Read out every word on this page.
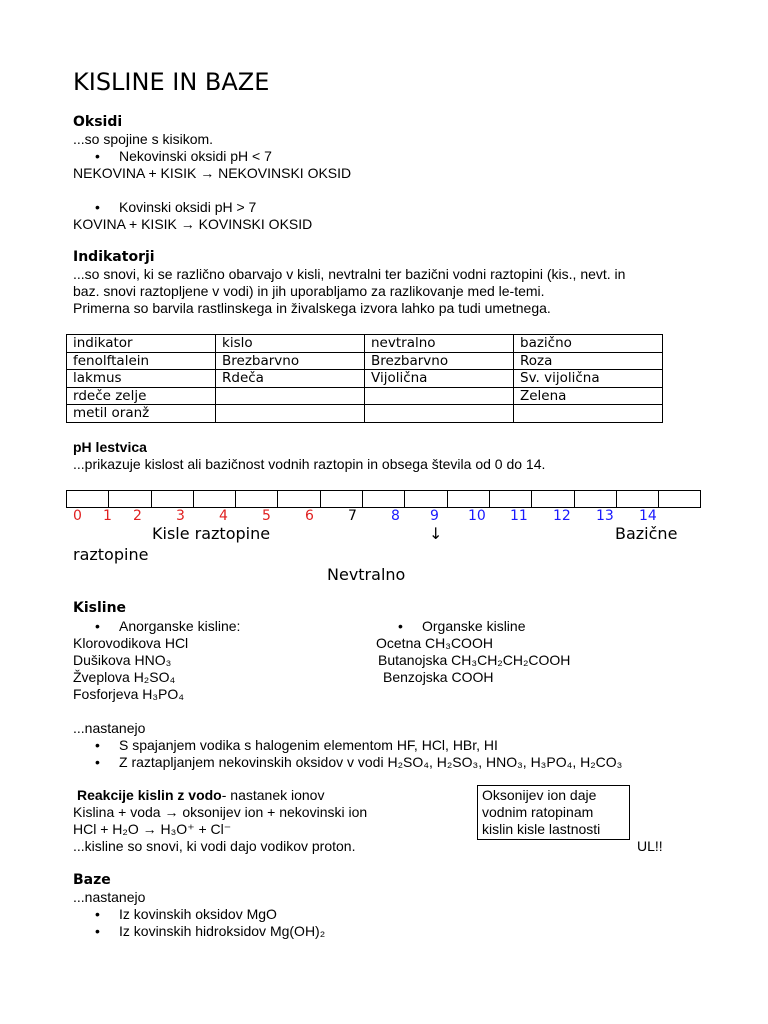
KISLINE IN BAZE
Oksidi
...so spojine s kisikom.
• Nekovinski oksidi pH < 7
NEKOVINA + KISIK → NEKOVINSKI OKSID
• Kovinski oksidi pH > 7
KOVINA + KISIK → KOVINSKI OKSID
Indikatorji
...so snovi, ki se različno obarvajo v kisli, nevtralni ter bazični vodni raztopini (kis., nevt. in
baz. snovi raztopljene v vodi) in jih uporabljamo za razlikovanje med le-temi.
Primerna so barvila rastlinskega in živalskega izvora lahko pa tudi umetnega.
indikator	kislo	nevtralno	bazično
fenolftalein	Brezbarvno	Brezbarvno	Roza
lakmus	Rdeča	Vijolična	Sv. vijolična
rdeče zelje			Zelena
metil oranž			
pH lestvica
...prikazuje kislost ali bazičnost vodnih raztopin in obsega števila od 0 do 14.

0 1 2 3 4 5 6 7 8 9 10 11 12 13 14
Kisle raztopine	↓	Bazične
raztopine
Nevtralno
Kisline
• Anorganske kisline:
Klorovodikova HCl
Dušikova HNO₃
Žveplova H₂SO₄
Fosforjeva H₃PO₄
• Organske kisline
Ocetna CH₃COOH
Butanojska CH₃CH₂CH₂COOH
Benzojska COOH
...nastanejo
• S spajanjem vodika s halogenim elementom HF, HCl, HBr, HI
• Z raztapljanjem nekovinskih oksidov v vodi H₂SO₄, H₂SO₃, HNO₃, H₃PO₄, H₂CO₃
Reakcije kislin z vodo- nastanek ionov
Kislina + voda → oksonijev ion + nekovinski ion
HCl + H₂O → H₃O⁺ + Cl⁻
...kisline so snovi, ki vodi dajo vodikov proton.
Oksonijev ion daje vodnim ratopinam kislin kisle lastnosti
UL!!
Baze
...nastanejo
• Iz kovinskih oksidov MgO
• Iz kovinskih hidroksidov Mg(OH)₂
